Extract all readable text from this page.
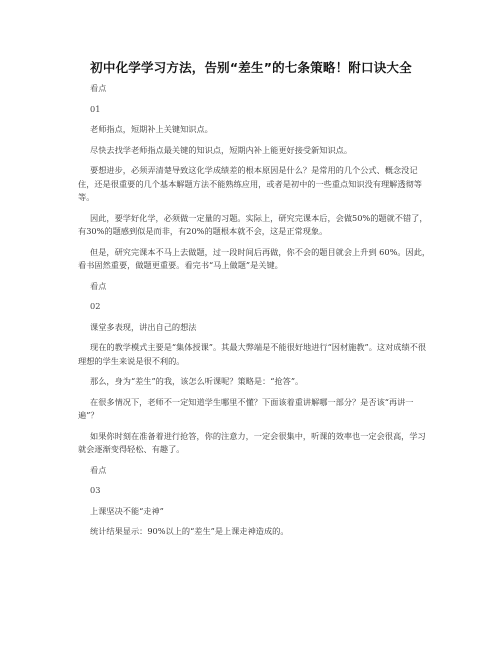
初中化学学习方法，告别“差生”的七条策略！附口诀大全

看点

01

老师指点，短期补上关键知识点。

尽快去找学老师指点最关键的知识点，短期内补上能更好接受新知识点。

要想进步，必须弄清楚导致这化学成绩差的根本原因是什么？是常用的几个公式、概念没记住，还是很重要的几个基本解题方法不能熟练应用，或者是初中的一些重点知识没有理解透彻等等。

因此，要学好化学，必须做一定量的习题。实际上，研究完课本后，会做50%的题就不错了，有30%的题感到似是而非，有20%的题根本就不会，这是正常现象。

但是，研究完课本不马上去做题，过一段时间后再做，你不会的题目就会上升到 60%。因此，看书固然重要，做题更重要。看完书“马上做题”是关键。

看点

02

课堂多表现，讲出自己的想法

现在的教学模式主要是“集体授课”。其最大弊端是不能很好地进行“因材施教”。这对成绩不很理想的学生来说是很不利的。

那么，身为“差生”的我，该怎么听课呢？策略是：“抢答”。

在很多情况下，老师不一定知道学生哪里不懂？下面该着重讲解哪一部分？是否该“再讲一遍”？

如果你时刻在准备着进行抢答，你的注意力，一定会很集中，听课的效率也一定会很高，学习就会逐渐变得轻松、有趣了。

看点

03

上课坚决不能“走神”

统计结果显示：90%以上的“差生”是上课走神造成的。
